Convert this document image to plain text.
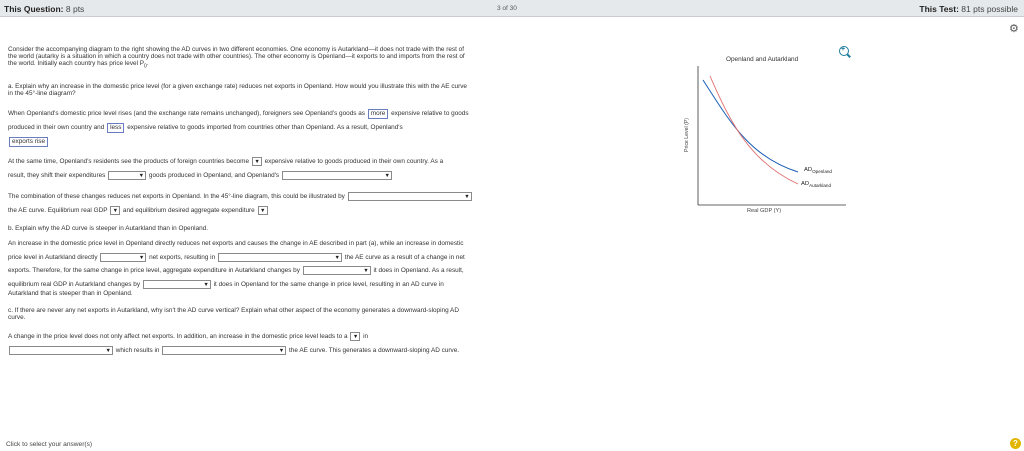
This Question: 8 pts	3 of 30	This Test: 81 pts possible
⚙
Consider the accompanying diagram to the right showing the AD curves in two different economies. One economy is Autarkland—it does not trade with the rest of
the world (autarky is a situation in which a country does not trade with other countries). The other economy is Openland—it exports to and imports from the rest of
the world. Initially each country has price level $P_0$.
a. Explain why an increase in the domestic price level (for a given exchange rate) reduces net exports in Openland. How would you illustrate this with the AE curve
in the 45°-line diagram?
When Openland's domestic price level rises (and the exchange rate remains unchanged), foreigners see Openland's goods as more expensive relative to goods
produced in their own country and less expensive relative to goods imported from countries other than Openland. As a result, Openland's
exports rise
At the same time, Openland's residents see the products of foreign countries become ▼ expensive relative to goods produced in their own country. As a
result, they shift their expenditures ▼	goods produced in Openland, and Openland's ▼
The combination of these changes reduces net exports in Openland. In the 45°-line diagram, this could be illustrated by ▼
the AE curve. Equilibrium real GDP ▼ and equilibrium desired aggregate expenditure ▼
b. Explain why the AD curve is steeper in Autarkland than in Openland.
An increase in the domestic price level in Openland directly reduces net exports and causes the change in AE described in part (a), while an increase in domestic
price level in Autarkland directly ▼	net exports, resulting in ▼	the AE curve as a result of a change in net
exports. Therefore, for the same change in price level, aggregate expenditure in Autarkland changes by ▼	it does in Openland. As a result,
equilibrium real GDP in Autarkland changes by ▼	it does in Openland for the same change in price level, resulting in an AD curve in
Autarkland that is steeper than in Openland.
c. If there are never any net exports in Autarkland, why isn't the AD curve vertical? Explain what other aspect of the economy generates a downward-sloping AD
curve.
A change in the price level does not only affect net exports. In addition, an increase in the domestic price level leads to a ▼ in
▼ which results in ▼	the AE curve. This generates a downward-sloping AD curve.
+
Openland and Autarkland
Price Level (P)
$AD_{Openland}$
$AD_{Autarkland}$
Real GDP (Y)
Click to select your answer(s)	?
